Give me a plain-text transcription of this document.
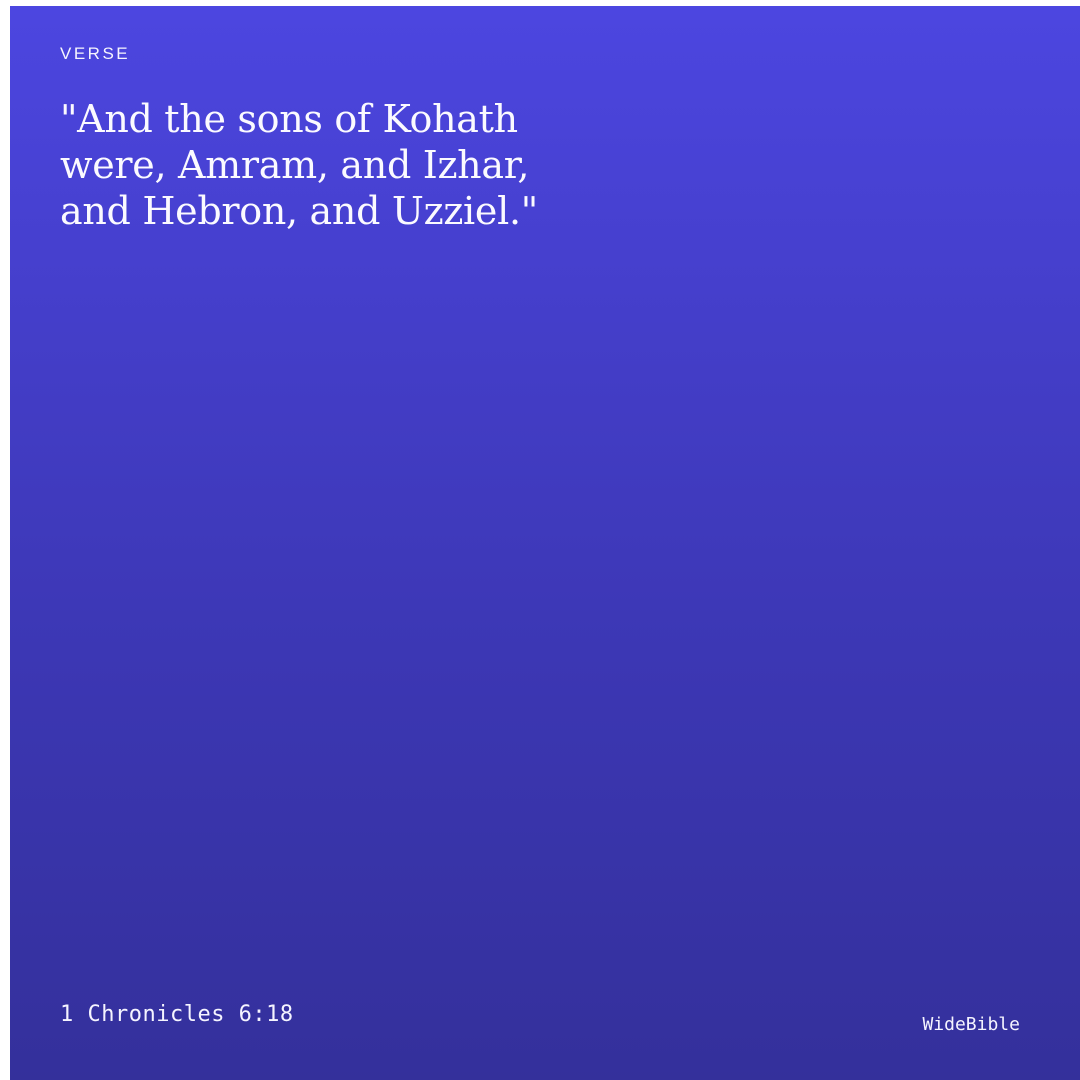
VERSE
"And the sons of Kohath
were, Amram, and Izhar,
and Hebron, and Uzziel."
1 Chronicles 6:18	WideBible
